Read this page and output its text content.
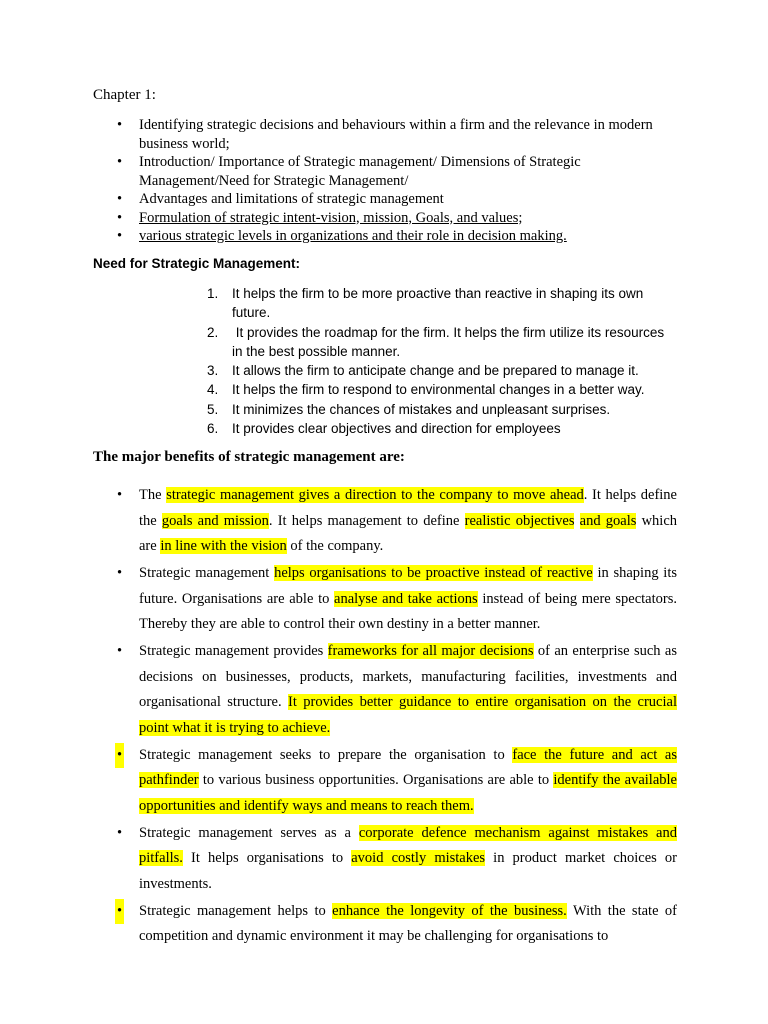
Chapter 1:
• Identifying strategic decisions and behaviours within a firm and the relevance in modern business world;
• Introduction/ Importance of Strategic management/ Dimensions of Strategic Management/Need for Strategic Management/
• Advantages and limitations of strategic management
• Formulation of strategic intent-vision, mission, Goals, and values;
• various strategic levels in organizations and their role in decision making.
Need for Strategic Management:
1. It helps the firm to be more proactive than reactive in shaping its own future.
2. It provides the roadmap for the firm. It helps the firm utilize its resources in the best possible manner.
3. It allows the firm to anticipate change and be prepared to manage it.
4. It helps the firm to respond to environmental changes in a better way.
5. It minimizes the chances of mistakes and unpleasant surprises.
6. It provides clear objectives and direction for employees
The major benefits of strategic management are:
• The strategic management gives a direction to the company to move ahead. It helps define the goals and mission. It helps management to define realistic objectives and goals which are in line with the vision of the company.
• Strategic management helps organisations to be proactive instead of reactive in shaping its future. Organisations are able to analyse and take actions instead of being mere spectators. Thereby they are able to control their own destiny in a better manner.
• Strategic management provides frameworks for all major decisions of an enterprise such as decisions on businesses, products, markets, manufacturing facilities, investments and organisational structure. It provides better guidance to entire organisation on the crucial point what it is trying to achieve.
• Strategic management seeks to prepare the organisation to face the future and act as pathfinder to various business opportunities. Organisations are able to identify the available opportunities and identify ways and means to reach them.
• Strategic management serves as a corporate defence mechanism against mistakes and pitfalls. It helps organisations to avoid costly mistakes in product market choices or investments.
• Strategic management helps to enhance the longevity of the business. With the state of competition and dynamic environment it may be challenging for organisations to
